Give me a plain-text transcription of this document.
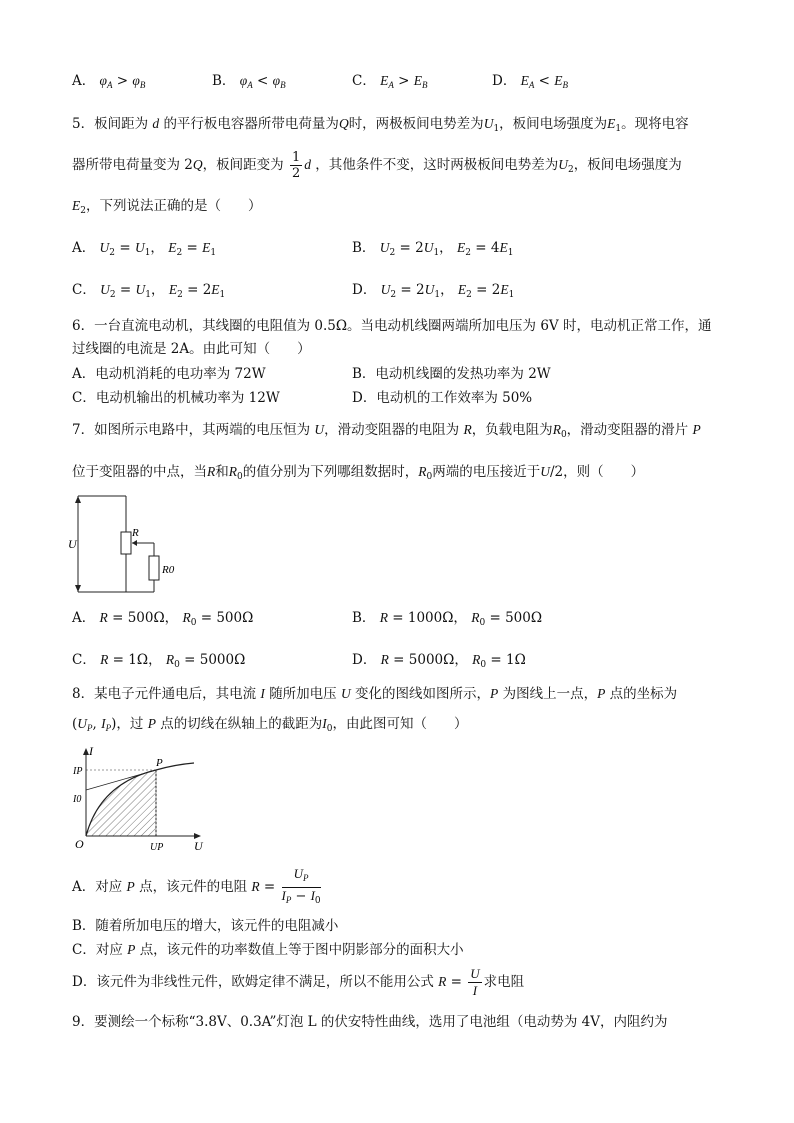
A． $\varphi_A > \varphi_B$	B． $\varphi_A < \varphi_B$	C． $E_A > E_B$	D． $E_A < E_B$
5．板间距为 d 的平行板电容器所带电荷量为Q时，两极板间电势差为$U_1$，板间电场强度为$E_1$。现将电容
器所带电荷量变为 2Q，板间距变为 $\frac{1}{2}$ d ，其他条件不变，这时两极板间电势差为$U_2$，板间电场强度为
$E_2$，下列说法正确的是（　　）
A． $U_2 = U_1$， $E_2 = E_1$	B． $U_2 = 2U_1$， $E_2 = 4E_1$
C． $U_2 = U_1$， $E_2 = 2E_1$	D． $U_2 = 2U_1$， $E_2 = 2E_1$
6．一台直流电动机，其线圈的电阻值为 0.5Ω。当电动机线圈两端所加电压为 6V 时，电动机正常工作，通
过线圈的电流是 2A。由此可知（　　）
A．电动机消耗的电功率为 72W	B．电动机线圈的发热功率为 2W
C．电动机输出的机械功率为 12W	D．电动机的工作效率为 50%
7．如图所示电路中，其两端的电压恒为 U，滑动变阻器的电阻为 R，负载电阻为$R_0$，滑动变阻器的滑片 P
位于变阻器的中点，当R和$R_0$的值分别为下列哪组数据时，$R_0$两端的电压接近于U/2，则（　　）
U
R
R0
A． R = 500Ω， $R_0 = 500\Omega$	B． R = 1000Ω， $R_0 = 500\Omega$
C． R = 1Ω， $R_0 = 5000\Omega$	D． R = 5000Ω， $R_0 = 1\Omega$
8．某电子元件通电后，其电流 I 随所加电压 U 变化的图线如图所示，P 为图线上一点，P 点的坐标为
($U_P$, $I_P$)，过 P 点的切线在纵轴上的截距为$I_0$，由此图可知（　　）
I
U
O
IP
I0
P
UP
A．对应 P 点，该元件的电阻 $R = \frac{U_P}{I_P - I_0}$
B．随着所加电压的增大，该元件的电阻减小
C．对应 P 点，该元件的功率数值上等于图中阴影部分的面积大小
D．该元件为非线性元件，欧姆定律不满足，所以不能用公式 $R = \frac{U}{I}$ 求电阻
9．要测绘一个标称“3.8V、0.3A”灯泡 L 的伏安特性曲线，选用了电池组（电动势为 4V，内阻约为
